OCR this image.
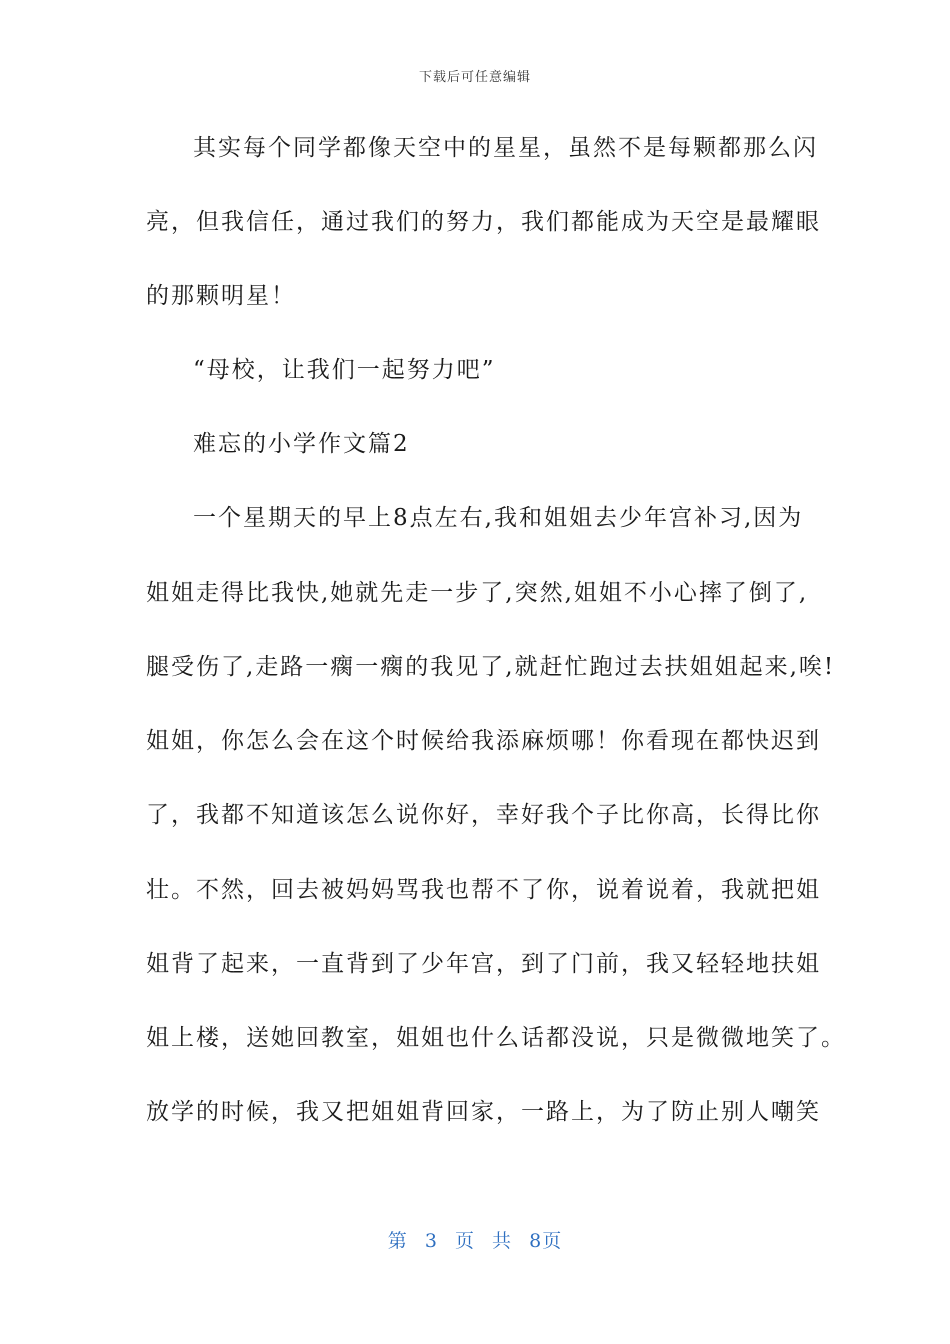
下载后可任意编辑
其实每个同学都像天空中的星星，虽然不是每颗都那么闪
亮，但我信任，通过我们的努力，我们都能成为天空是最耀眼
的那颗明星！
“母校，让我们一起努力吧”
难忘的小学作文篇2
一个星期天的早上8点左右,我和姐姐去少年宫补习,因为
姐姐走得比我快,她就先走一步了,突然,姐姐不小心摔了倒了,
腿受伤了,走路一瘸一瘸的我见了,就赶忙跑过去扶姐姐起来,唉!
姐姐，你怎么会在这个时候给我添麻烦哪！你看现在都快迟到
了，我都不知道该怎么说你好，幸好我个子比你高，长得比你
壮。不然，回去被妈妈骂我也帮不了你，说着说着，我就把姐
姐背了起来，一直背到了少年宫，到了门前，我又轻轻地扶姐
姐上楼，送她回教室，姐姐也什么话都没说，只是微微地笑了。
放学的时候，我又把姐姐背回家，一路上，为了防止别人嘲笑
第 3 页 共 8页
